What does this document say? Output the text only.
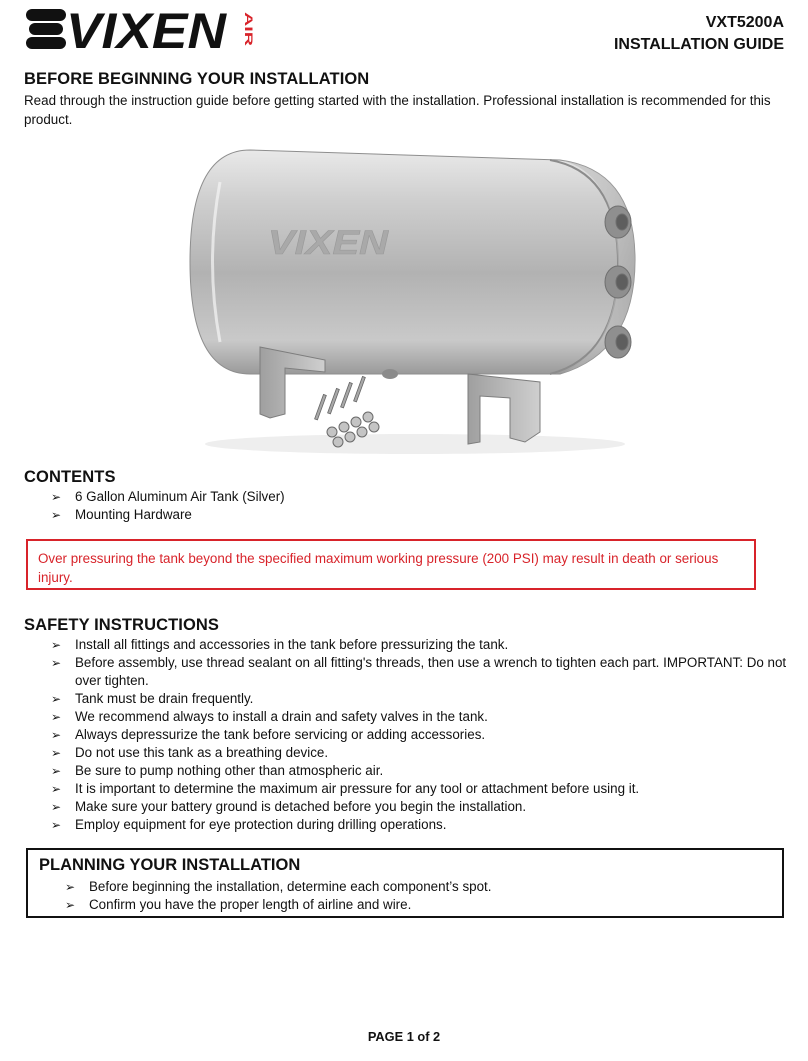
VIXEN AIR	VXT5200A
INSTALLATION GUIDE
BEFORE BEGINNING YOUR INSTALLATION

Read through the instruction guide before getting started with the installation. Professional installation is recommended for this product.

VIXEN
CONTENTS
➢ 6 Gallon Aluminum Air Tank (Silver)
➢ Mounting Hardware
Over pressuring the tank beyond the specified maximum working pressure (200 PSI) may result in death or serious injury.
SAFETY INSTRUCTIONS
➢ Install all fittings and accessories in the tank before pressurizing the tank.
➢ Before assembly, use thread sealant on all fitting's threads, then use a wrench to tighten each part. IMPORTANT: Do not over tighten.
➢ Tank must be drain frequently.
➢ We recommend always to install a drain and safety valves in the tank.
➢ Always depressurize the tank before servicing or adding accessories.
➢ Do not use this tank as a breathing device.
➢ Be sure to pump nothing other than atmospheric air.
➢ It is important to determine the maximum air pressure for any tool or attachment before using it.
➢ Make sure your battery ground is detached before you begin the installation.
➢ Employ equipment for eye protection during drilling operations.
PLANNING YOUR INSTALLATION
➢ Before beginning the installation, determine each component’s spot.
➢ Confirm you have the proper length of airline and wire.
PAGE 1 of 2
